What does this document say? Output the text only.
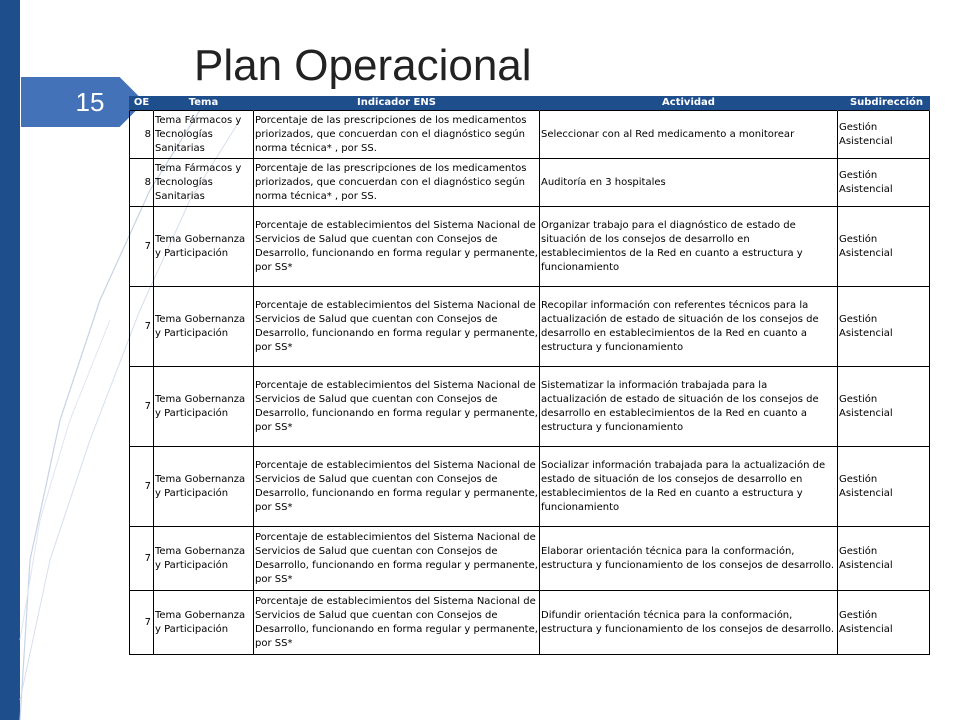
15
Plan Operacional
OE	Tema	Indicador ENS	Actividad	Subdirección
8	Tema Fármacos y Tecnologías Sanitarias	Porcentaje de las prescripciones de los medicamentos priorizados, que concuerdan con el diagnóstico según norma técnica* , por SS.	Seleccionar con al Red medicamento a monitorear	Gestión Asistencial
8	Tema Fármacos y Tecnologías Sanitarias	Porcentaje de las prescripciones de los medicamentos priorizados, que concuerdan con el diagnóstico según norma técnica* , por SS.	Auditoría en 3 hospitales	Gestión Asistencial
7	Tema Gobernanza y Participación	Porcentaje de establecimientos del Sistema Nacional de Servicios de Salud que cuentan con Consejos de Desarrollo, funcionando en forma regular y permanente, por SS*	Organizar trabajo para el diagnóstico de estado de situación de los consejos de desarrollo en establecimientos de la Red en cuanto a estructura y funcionamiento	Gestión Asistencial
7	Tema Gobernanza y Participación	Porcentaje de establecimientos del Sistema Nacional de Servicios de Salud que cuentan con Consejos de Desarrollo, funcionando en forma regular y permanente, por SS*	Recopilar información con referentes técnicos para la actualización de estado de situación de los consejos de desarrollo en establecimientos de la Red en cuanto a estructura y funcionamiento	Gestión Asistencial
7	Tema Gobernanza y Participación	Porcentaje de establecimientos del Sistema Nacional de Servicios de Salud que cuentan con Consejos de Desarrollo, funcionando en forma regular y permanente, por SS*	Sistematizar la información trabajada para la actualización de estado de situación de los consejos de desarrollo en establecimientos de la Red en cuanto a estructura y funcionamiento	Gestión Asistencial
7	Tema Gobernanza y Participación	Porcentaje de establecimientos del Sistema Nacional de Servicios de Salud que cuentan con Consejos de Desarrollo, funcionando en forma regular y permanente, por SS*	Socializar información trabajada para la actualización de estado de situación de los consejos de desarrollo en establecimientos de la Red en cuanto a estructura y funcionamiento	Gestión Asistencial
7	Tema Gobernanza y Participación	Porcentaje de establecimientos del Sistema Nacional de Servicios de Salud que cuentan con Consejos de Desarrollo, funcionando en forma regular y permanente, por SS*	Elaborar orientación técnica para la conformación, estructura y funcionamiento de los consejos de desarrollo.	Gestión Asistencial
7	Tema Gobernanza y Participación	Porcentaje de establecimientos del Sistema Nacional de Servicios de Salud que cuentan con Consejos de Desarrollo, funcionando en forma regular y permanente, por SS*	Difundir orientación técnica para la conformación, estructura y funcionamiento de los consejos de desarrollo.	Gestión Asistencial
